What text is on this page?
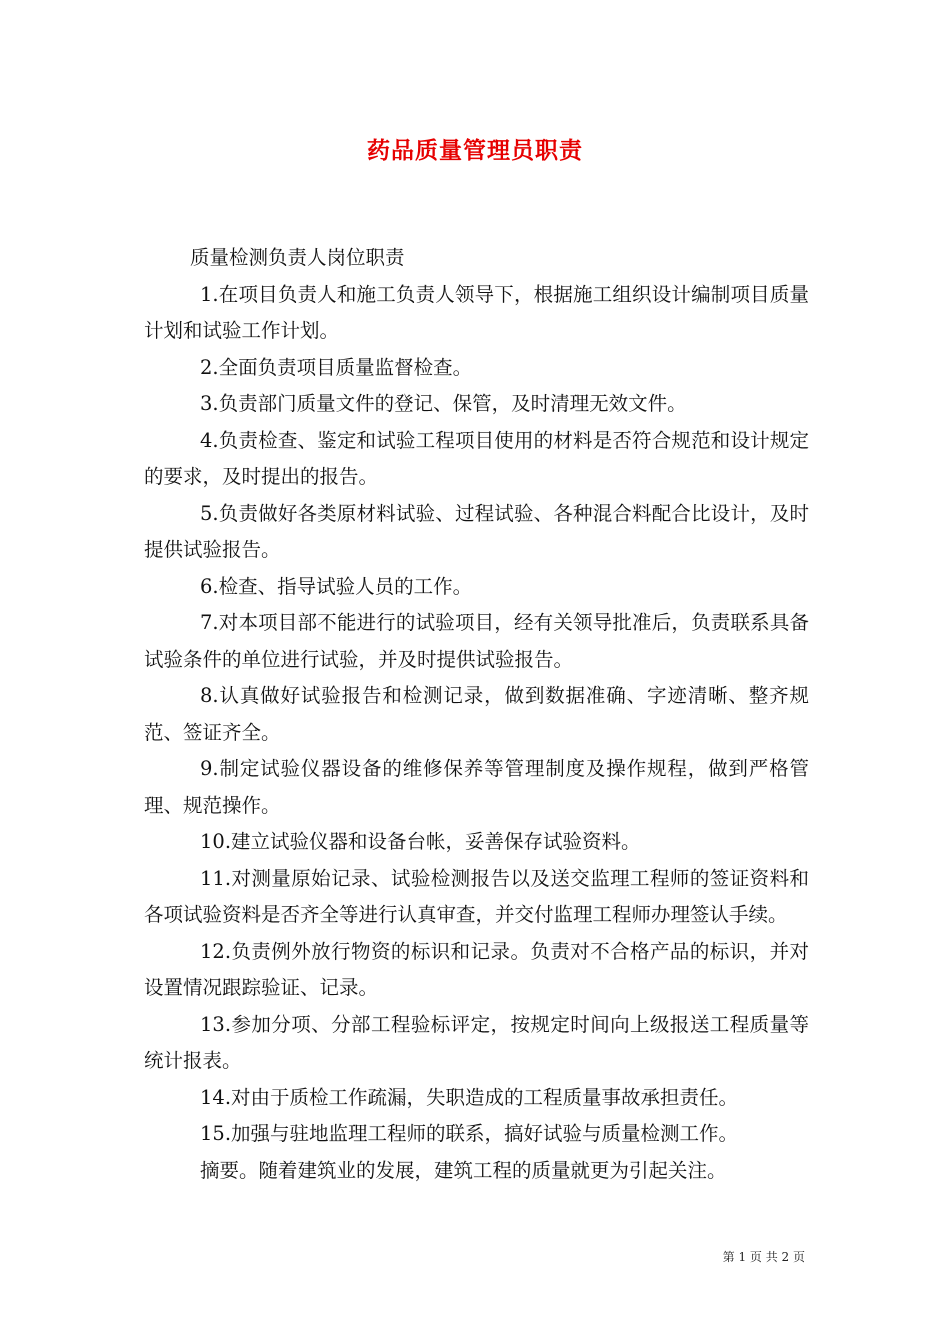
药品质量管理员职责

质量检测负责人岗位职责

1.在项目负责人和施工负责人领导下，根据施工组织设计编制项目质量计划和试验工作计划。

2.全面负责项目质量监督检查。

3.负责部门质量文件的登记、保管，及时清理无效文件。

4.负责检查、鉴定和试验工程项目使用的材料是否符合规范和设计规定的要求，及时提出的报告。

5.负责做好各类原材料试验、过程试验、各种混合料配合比设计，及时提供试验报告。

6.检查、指导试验人员的工作。

7.对本项目部不能进行的试验项目，经有关领导批准后，负责联系具备试验条件的单位进行试验，并及时提供试验报告。

8.认真做好试验报告和检测记录，做到数据准确、字迹清晰、整齐规范、签证齐全。

9.制定试验仪器设备的维修保养等管理制度及操作规程，做到严格管理、规范操作。

10.建立试验仪器和设备台帐，妥善保存试验资料。

11.对测量原始记录、试验检测报告以及送交监理工程师的签证资料和各项试验资料是否齐全等进行认真审查，并交付监理工程师办理签认手续。

12.负责例外放行物资的标识和记录。负责对不合格产品的标识，并对设置情况跟踪验证、记录。

13.参加分项、分部工程验标评定，按规定时间向上级报送工程质量等统计报表。

14.对由于质检工作疏漏，失职造成的工程质量事故承担责任。

15.加强与驻地监理工程师的联系，搞好试验与质量检测工作。

摘要。随着建筑业的发展，建筑工程的质量就更为引起关注。

第 1 页 共 2 页
